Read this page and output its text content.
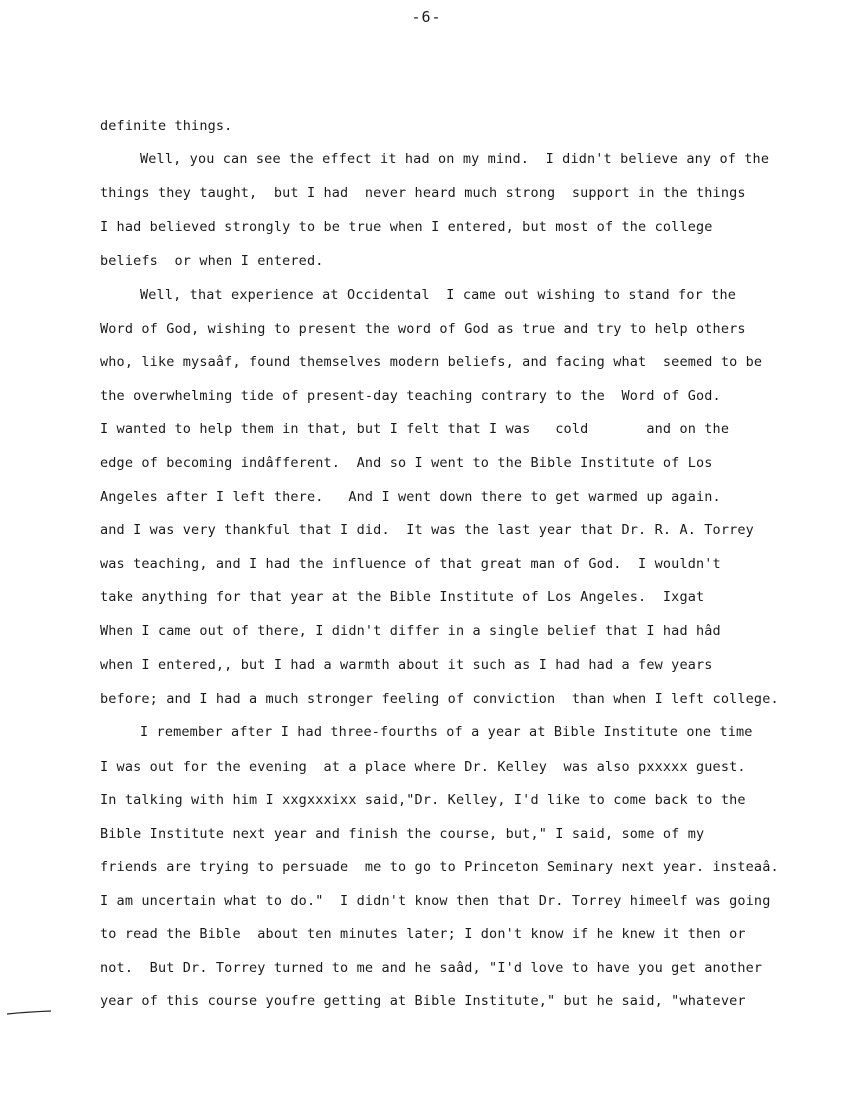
-6-
definite things.
Well, you can see the effect it had on my mind.  I didn't believe any of the
things they taught,  but I had  never heard much strong  support in the things
I had believed strongly to be true when I entered, but most of the college
beliefs  or when I entered.
Well, that experience at Occidental  I came out wishing to stand for the
Word of God, wishing to present the word of God as true and try to help others
who, like mysaâf, found themselves modern beliefs, and facing what  seemed to be
the overwhelming tide of present-day teaching contrary to the  Word of God.
I wanted to help them in that, but I felt that I was   cold       and on the
edge of becoming indâfferent.  And so I went to the Bible Institute of Los
Angeles after I left there.   And I went down there to get warmed up again.
and I was very thankful that I did.  It was the last year that Dr. R. A. Torrey
was teaching, and I had the influence of that great man of God.  I wouldn't
take anything for that year at the Bible Institute of Los Angeles.  Ixgat
When I came out of there, I didn't differ in a single belief that I had hâd
when I entered,, but I had a warmth about it such as I had had a few years
before; and I had a much stronger feeling of conviction  than when I left college.
I remember after I had three-fourths of a year at Bible Institute one time
I was out for the evening  at a place where Dr. Kelley  was also pxxxxx guest.
In talking with him I xxgxxxixx said,"Dr. Kelley, I'd like to come back to the
Bible Institute next year and finish the course, but," I said, some of my
friends are trying to persuade  me to go to Princeton Seminary next year. insteaâ.
I am uncertain what to do."  I didn't know then that Dr. Torrey himeelf was going
to read the Bible  about ten minutes later; I don't know if he knew it then or
not.  But Dr. Torrey turned to me and he saâd, "I'd love to have you get another
year of this course youfre getting at Bible Institute," but he said, "whatever
